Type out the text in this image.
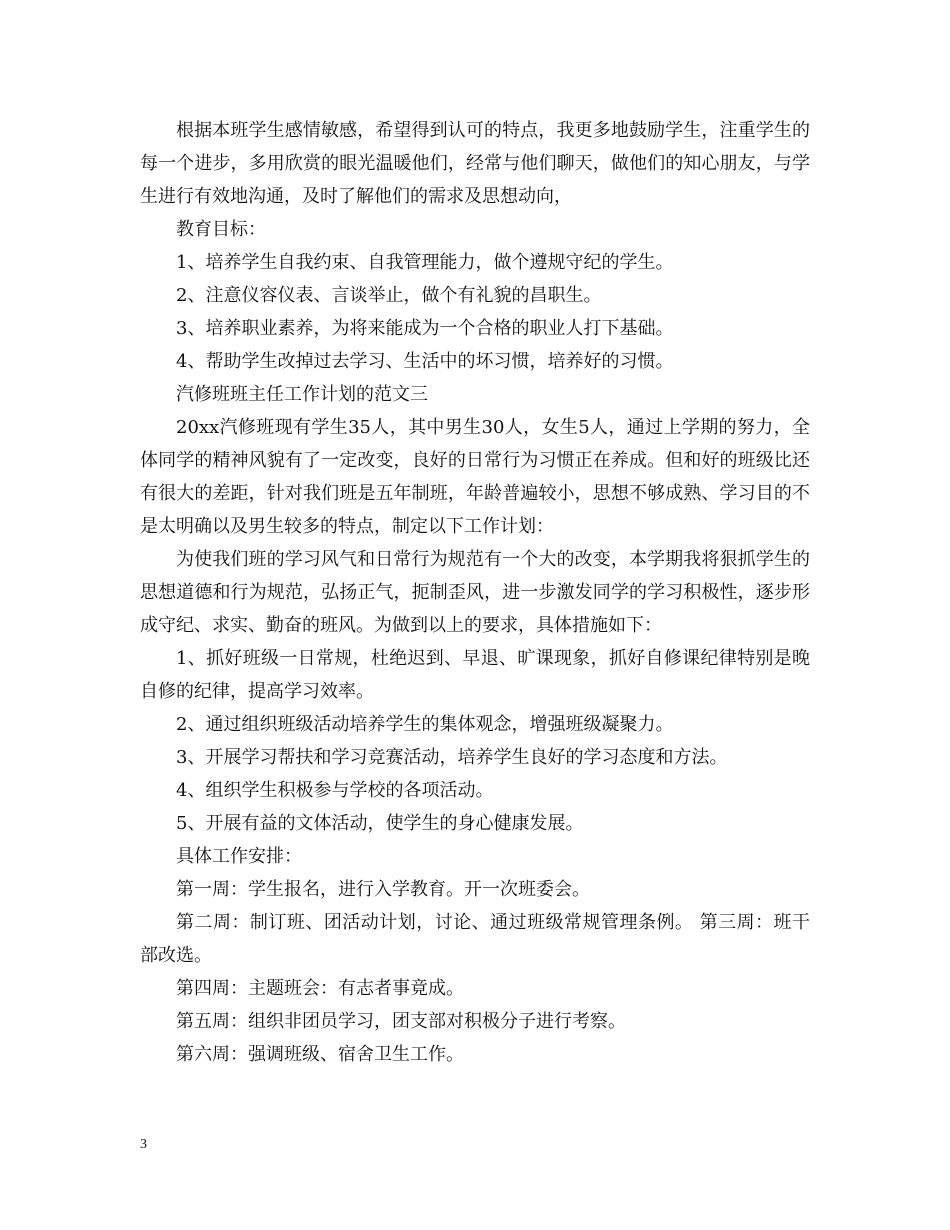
根据本班学生感情敏感，希望得到认可的特点，我更多地鼓励学生，注重学生的每一个进步，多用欣赏的眼光温暖他们，经常与他们聊天，做他们的知心朋友，与学生进行有效地沟通，及时了解他们的需求及思想动向，

教育目标：

1、培养学生自我约束、自我管理能力，做个遵规守纪的学生。

2、注意仪容仪表、言谈举止，做个有礼貌的昌职生。

3、培养职业素养，为将来能成为一个合格的职业人打下基础。

4、帮助学生改掉过去学习、生活中的坏习惯，培养好的习惯。

汽修班班主任工作计划的范文三

20xx汽修班现有学生35人，其中男生30人，女生5人，通过上学期的努力，全体同学的精神风貌有了一定改变，良好的日常行为习惯正在养成。但和好的班级比还有很大的差距，针对我们班是五年制班，年龄普遍较小，思想不够成熟、学习目的不是太明确以及男生较多的特点，制定以下工作计划：

为使我们班的学习风气和日常行为规范有一个大的改变，本学期我将狠抓学生的思想道德和行为规范，弘扬正气，扼制歪风，进一步激发同学的学习积极性，逐步形成守纪、求实、勤奋的班风。为做到以上的要求，具体措施如下：

1、抓好班级一日常规，杜绝迟到、早退、旷课现象，抓好自修课纪律特别是晚自修的纪律，提高学习效率。

2、通过组织班级活动培养学生的集体观念，增强班级凝聚力。

3、开展学习帮扶和学习竞赛活动，培养学生良好的学习态度和方法。

4、组织学生积极参与学校的各项活动。

5、开展有益的文体活动，使学生的身心健康发展。

具体工作安排：

第一周：学生报名，进行入学教育。开一次班委会。

第二周：制订班、团活动计划，讨论、通过班级常规管理条例。 第三周：班干部改选。

第四周：主题班会：有志者事竟成。

第五周：组织非团员学习，团支部对积极分子进行考察。

第六周：强调班级、宿舍卫生工作。

3
